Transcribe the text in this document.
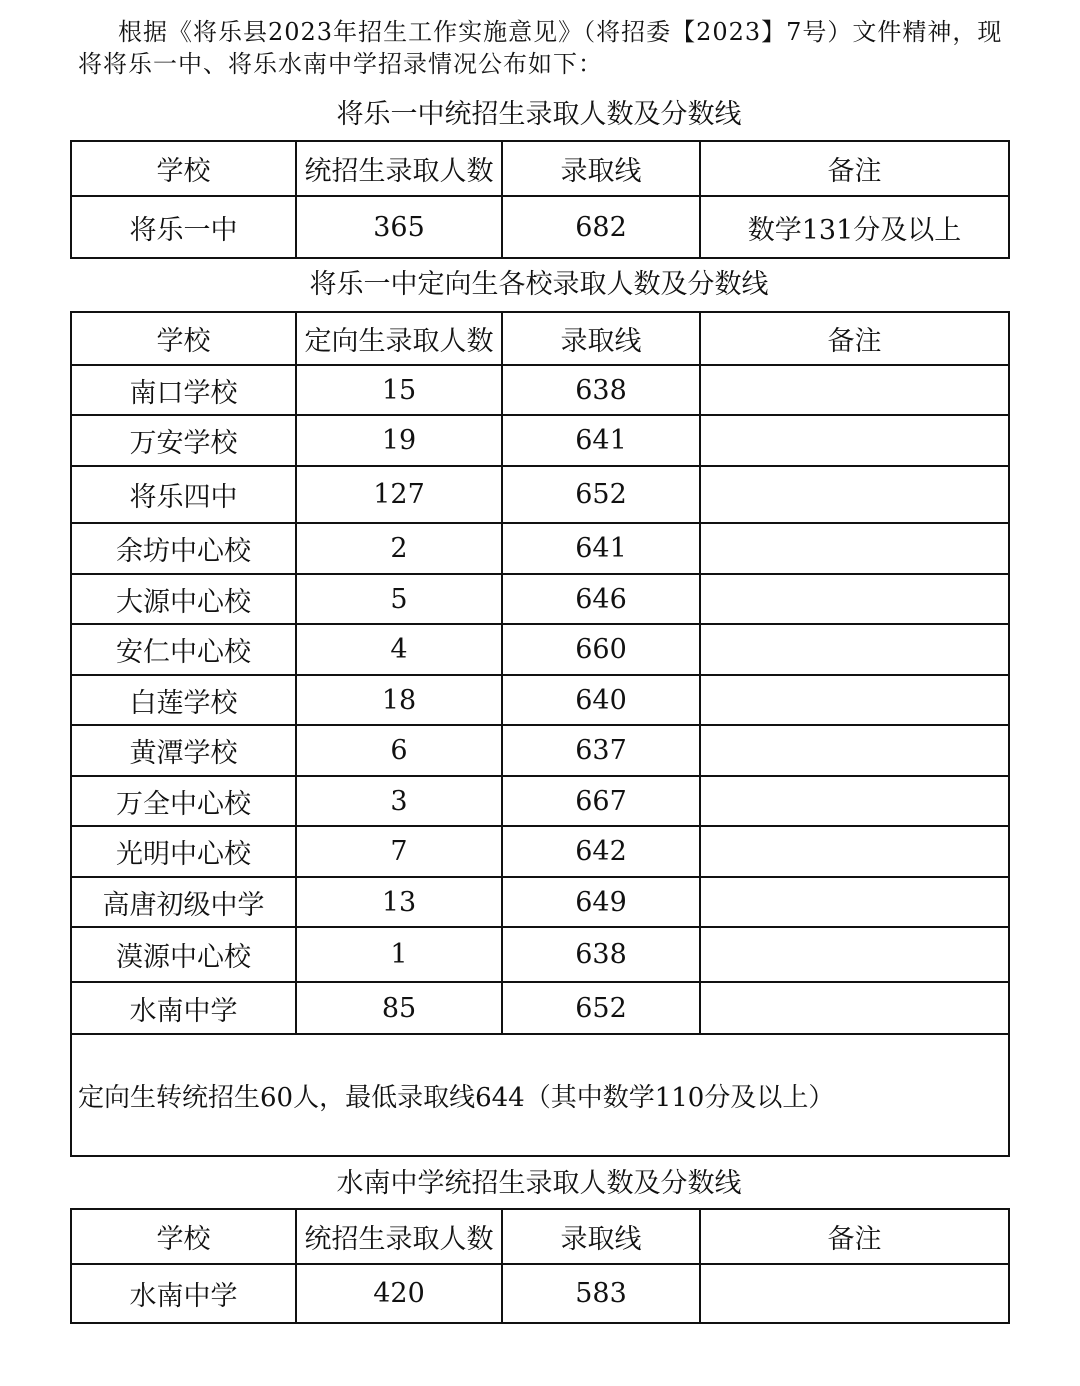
根据《将乐县2023年招生工作实施意见》（将招委【2023】7号）文件精神，现
将将乐一中、将乐水南中学招录情况公布如下：
将乐一中统招生录取人数及分数线
学校	统招生录取人数	录取线	备注
将乐一中	365	682	数学131分及以上
将乐一中定向生各校录取人数及分数线
学校	定向生录取人数	录取线	备注
南口学校	15	638	
万安学校	19	641	
将乐四中	127	652	
余坊中心校	2	641	
大源中心校	5	646	
安仁中心校	4	660	
白莲学校	18	640	
黄潭学校	6	637	
万全中心校	3	667	
光明中心校	7	642	
高唐初级中学	13	649	
漠源中心校	1	638	
水南中学	85	652	
定向生转统招生60人，最低录取线644（其中数学110分及以上）			
水南中学统招生录取人数及分数线
学校	统招生录取人数	录取线	备注
水南中学	420	583	
